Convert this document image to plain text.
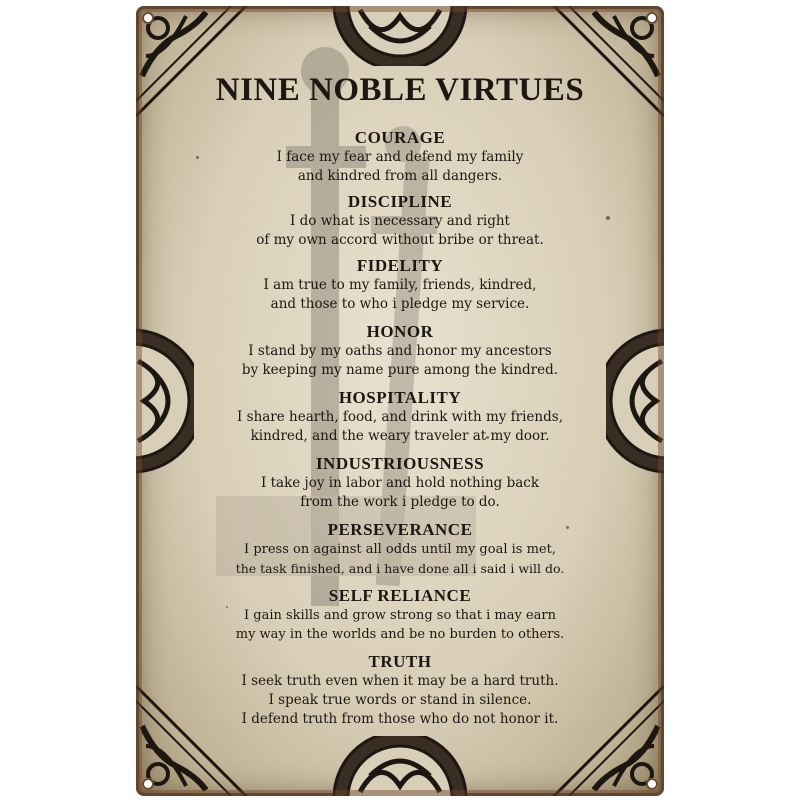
NINE NOBLE VIRTUES
COURAGE
I face my fear and defend my family
and kindred from all dangers.
DISCIPLINE
I do what is necessary and right
of my own accord without bribe or threat.
FIDELITY
I am true to my family, friends, kindred,
and those to who i pledge my service.
HONOR
I stand by my oaths and honor my ancestors
by keeping my name pure among the kindred.
HOSPITALITY
I share hearth, food, and drink with my friends,
kindred, and the weary traveler at my door.
INDUSTRIOUSNESS
I take joy in labor and hold nothing back
from the work i pledge to do.
PERSEVERANCE
I press on against all odds until my goal is met,
the task finished, and i have done all i said i will do.
SELF RELIANCE
I gain skills and grow strong so that i may earn
my way in the worlds and be no burden to others.
TRUTH
I seek truth even when it may be a hard truth.
I speak true words or stand in silence.
I defend truth from those who do not honor it.
